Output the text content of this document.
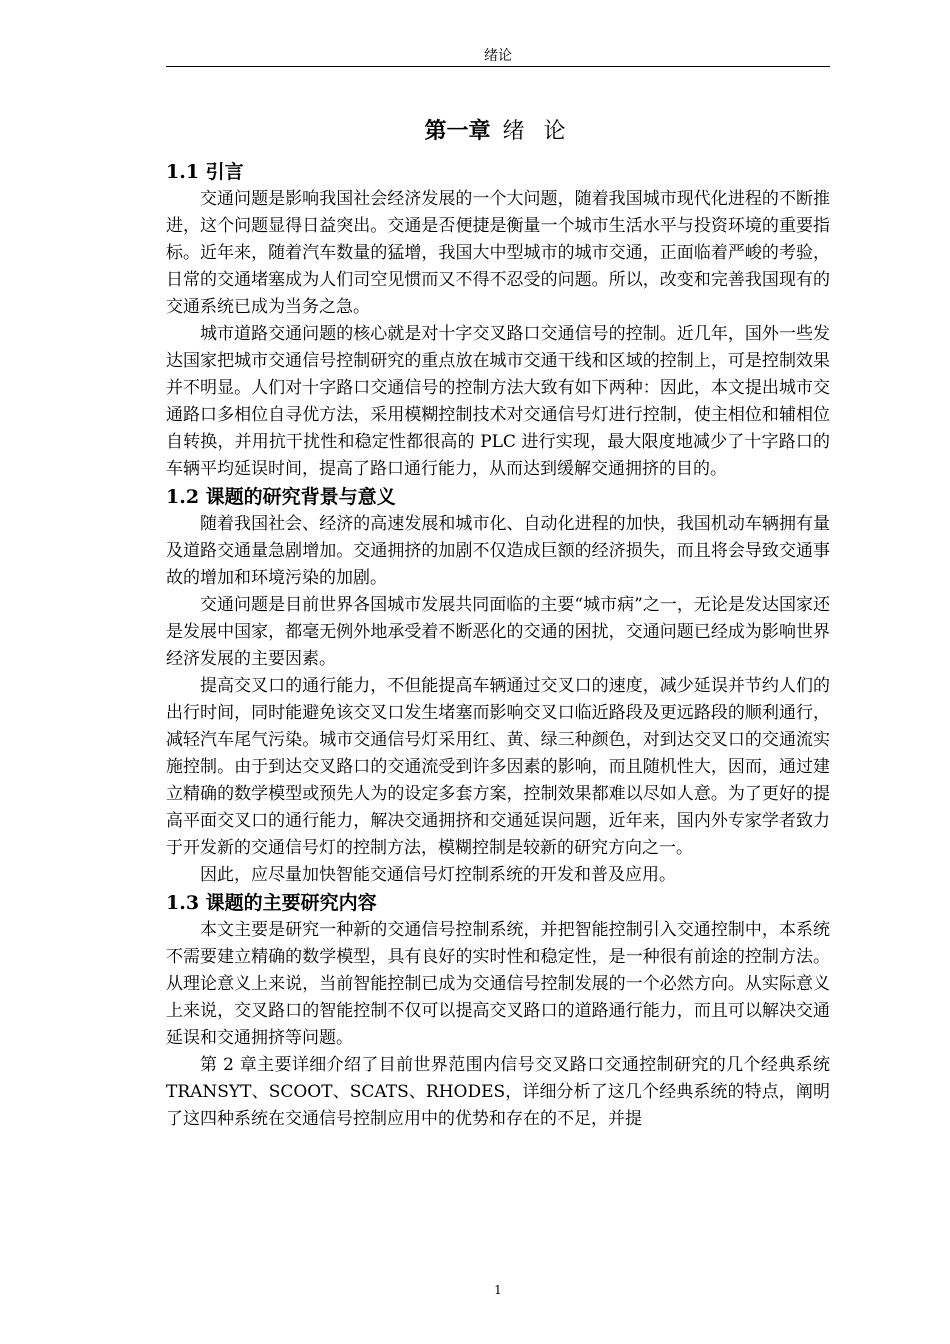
绪论
第一章 绪 论
1.1 引言

交通问题是影响我国社会经济发展的一个大问题，随着我国城市现代化进程的不断推进，这个问题显得日益突出。交通是否便捷是衡量一个城市生活水平与投资环境的重要指标。近年来，随着汽车数量的猛增，我国大中型城市的城市交通，正面临着严峻的考验，日常的交通堵塞成为人们司空见惯而又不得不忍受的问题。所以，改变和完善我国现有的交通系统已成为当务之急。

城市道路交通问题的核心就是对十字交叉路口交通信号的控制。近几年，国外一些发达国家把城市交通信号控制研究的重点放在城市交通干线和区域的控制上，可是控制效果并不明显。人们对十字路口交通信号的控制方法大致有如下两种：因此，本文提出城市交通路口多相位自寻优方法，采用模糊控制技术对交通信号灯进行控制，使主相位和辅相位自转换，并用抗干扰性和稳定性都很高的 PLC 进行实现，最大限度地减少了十字路口的车辆平均延误时间，提高了路口通行能力，从而达到缓解交通拥挤的目的。

1.2 课题的研究背景与意义

随着我国社会、经济的高速发展和城市化、自动化进程的加快，我国机动车辆拥有量及道路交通量急剧增加。交通拥挤的加剧不仅造成巨额的经济损失，而且将会导致交通事故的增加和环境污染的加剧。

交通问题是目前世界各国城市发展共同面临的主要“城市病”之一，无论是发达国家还是发展中国家，都毫无例外地承受着不断恶化的交通的困扰，交通问题已经成为影响世界经济发展的主要因素。

提高交叉口的通行能力，不但能提高车辆通过交叉口的速度，减少延误并节约人们的出行时间，同时能避免该交叉口发生堵塞而影响交叉口临近路段及更远路段的顺利通行，减轻汽车尾气污染。城市交通信号灯采用红、黄、绿三种颜色，对到达交叉口的交通流实施控制。由于到达交叉路口的交通流受到许多因素的影响，而且随机性大，因而，通过建立精确的数学模型或预先人为的设定多套方案，控制效果都难以尽如人意。为了更好的提高平面交叉口的通行能力，解决交通拥挤和交通延误问题，近年来，国内外专家学者致力于开发新的交通信号灯的控制方法，模糊控制是较新的研究方向之一。

因此，应尽量加快智能交通信号灯控制系统的开发和普及应用。

1.3 课题的主要研究内容

本文主要是研究一种新的交通信号控制系统，并把智能控制引入交通控制中，本系统不需要建立精确的数学模型，具有良好的实时性和稳定性，是一种很有前途的控制方法。从理论意义上来说，当前智能控制已成为交通信号控制发展的一个必然方向。从实际意义上来说，交叉路口的智能控制不仅可以提高交叉路口的道路通行能力，而且可以解决交通延误和交通拥挤等问题。

第 2 章主要详细介绍了目前世界范围内信号交叉路口交通控制研究的几个经典系统 TRANSYT、SCOOT、SCATS、RHODES，详细分析了这几个经典系统的特点，阐明了这四种系统在交通信号控制应用中的优势和存在的不足，并提

1
